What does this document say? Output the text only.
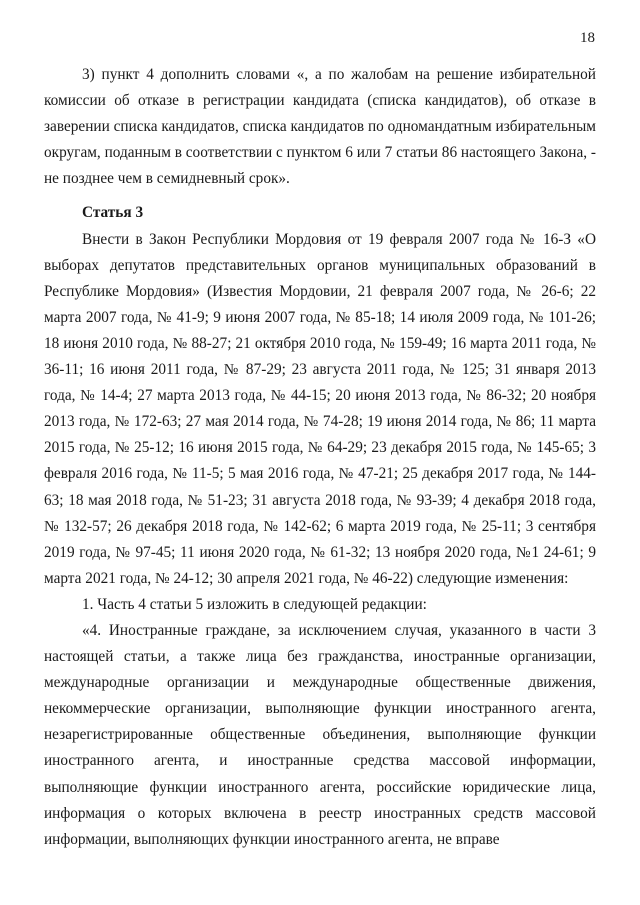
18

3) пункт 4 дополнить словами «, а по жалобам на решение избирательной комиссии об отказе в регистрации кандидата (списка кандидатов), об отказе в заверении списка кандидатов, списка кандидатов по одномандатным избирательным округам, поданным в соответствии с пунктом 6 или 7 статьи 86 настоящего Закона, - не позднее чем в семидневный срок».

Статья 3

Внести в Закон Республики Мордовия от 19 февраля 2007 года № 16-З «О выборах депутатов представительных органов муниципальных образований в Республике Мордовия» (Известия Мордовии, 21 февраля 2007 года, № 26-6; 22 марта 2007 года, № 41-9; 9 июня 2007 года, № 85-18; 14 июля 2009 года, № 101-26; 18 июня 2010 года, № 88-27; 21 октября 2010 года, № 159-49; 16 марта 2011 года, № 36-11; 16 июня 2011 года, № 87-29; 23 августа 2011 года, № 125; 31 января 2013 года, № 14-4; 27 марта 2013 года, № 44-15; 20 июня 2013 года, № 86-32; 20 ноября 2013 года, № 172-63; 27 мая 2014 года, № 74-28; 19 июня 2014 года, № 86; 11 марта 2015 года, № 25-12; 16 июня 2015 года, № 64-29; 23 декабря 2015 года, № 145-65; 3 февраля 2016 года, № 11-5; 5 мая 2016 года, № 47-21; 25 декабря 2017 года, № 144-63; 18 мая 2018 года, № 51-23; 31 августа 2018 года, № 93-39; 4 декабря 2018 года, № 132-57; 26 декабря 2018 года, № 142-62; 6 марта 2019 года, № 25-11; 3 сентября 2019 года, № 97-45; 11 июня 2020 года, № 61-32; 13 ноября 2020 года, №1 24-61; 9 марта 2021 года, № 24-12; 30 апреля 2021 года, № 46-22) следующие изменения:

1. Часть 4 статьи 5 изложить в следующей редакции:

«4. Иностранные граждане, за исключением случая, указанного в части 3 настоящей статьи, а также лица без гражданства, иностранные организации, международные организации и международные общественные движения, некоммерческие организации, выполняющие функции иностранного агента, незарегистрированные общественные объединения, выполняющие функции иностранного агента, и иностранные средства массовой информации, выполняющие функции иностранного агента, российские юридические лица, информация о которых включена в реестр иностранных средств массовой информации, выполняющих функции иностранного агента, не вправе
